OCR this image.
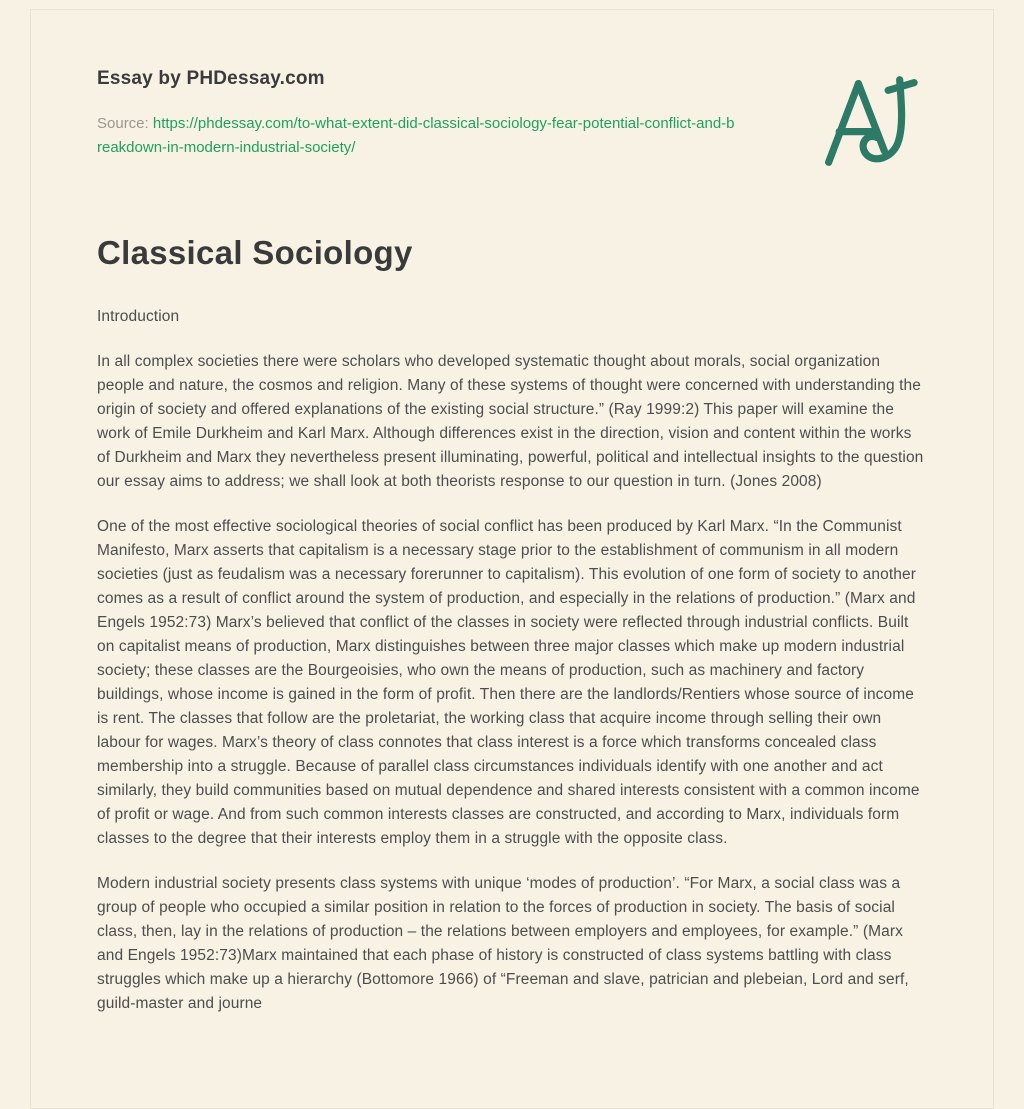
Essay by PHDessay.com

Source: https://phdessay.com/to-what-extent-did-classical-sociology-fear-potential-conflict-and-breakdown-in-modern-industrial-society/

Classical Sociology

Introduction

In all complex societies there were scholars who developed systematic thought about morals, social organization people and nature, the cosmos and religion. Many of these systems of thought were concerned with understanding the origin of society and offered explanations of the existing social structure.” (Ray 1999:2) This paper will examine the work of Emile Durkheim and Karl Marx. Although differences exist in the direction, vision and content within the works of Durkheim and Marx they nevertheless present illuminating, powerful, political and intellectual insights to the question our essay aims to address; we shall look at both theorists response to our question in turn. (Jones 2008)

One of the most effective sociological theories of social conflict has been produced by Karl Marx. “In the Communist Manifesto, Marx asserts that capitalism is a necessary stage prior to the establishment of communism in all modern societies (just as feudalism was a necessary forerunner to capitalism). This evolution of one form of society to another comes as a result of conflict around the system of production, and especially in the relations of production.” (Marx and Engels 1952:73) Marx’s believed that conflict of the classes in society were reflected through industrial conflicts. Built on capitalist means of production, Marx distinguishes between three major classes which make up modern industrial society; these classes are the Bourgeoisies, who own the means of production, such as machinery and factory buildings, whose income is gained in the form of profit. Then there are the landlords/Rentiers whose source of income is rent. The classes that follow are the proletariat, the working class that acquire income through selling their own labour for wages. Marx’s theory of class connotes that class interest is a force which transforms concealed class membership into a struggle. Because of parallel class circumstances individuals identify with one another and act similarly, they build communities based on mutual dependence and shared interests consistent with a common income of profit or wage. And from such common interests classes are constructed, and according to Marx, individuals form classes to the degree that their interests employ them in a struggle with the opposite class.

Modern industrial society presents class systems with unique ‘modes of production’. “For Marx, a social class was a group of people who occupied a similar position in relation to the forces of production in society. The basis of social class, then, lay in the relations of production – the relations between employers and employees, for example.” (Marx and Engels 1952:73)Marx maintained that each phase of history is constructed of class systems battling with class struggles which make up a hierarchy (Bottomore 1966) of “Freeman and slave, patrician and plebeian, Lord and serf, guild-master and journe
